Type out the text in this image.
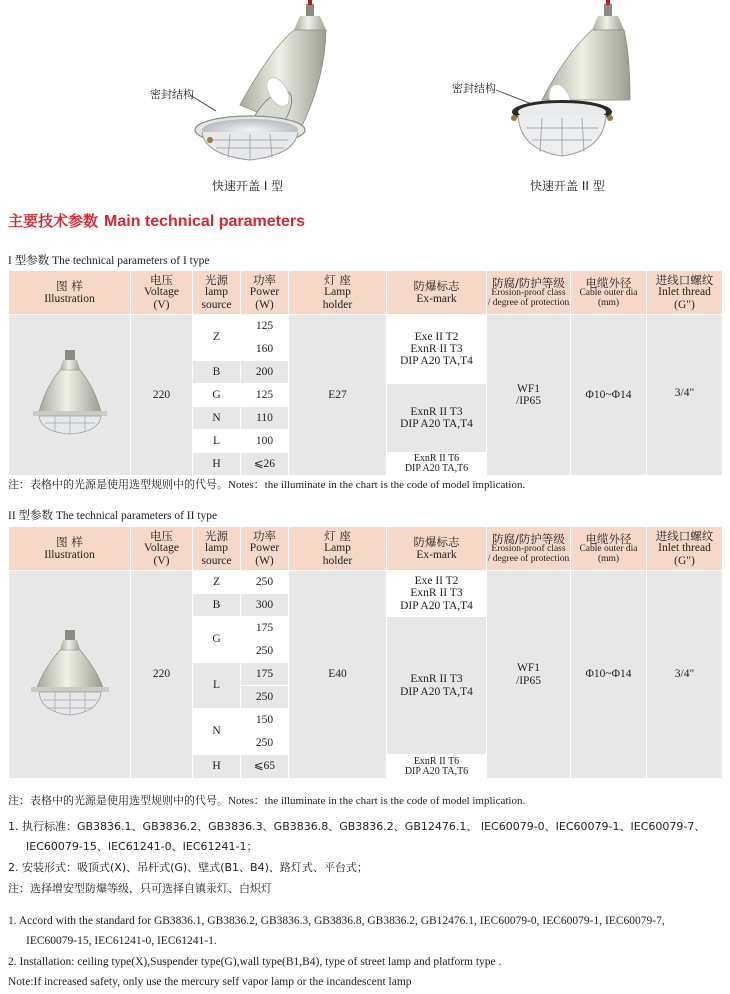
密封结构
快速开盖 I 型
密封结构
快速开盖 II 型
主要技术参数 Main technical parameters
I 型参数 The technical parameters of I type
图 样
Illustration	电压
Voltage
(V)	光源
lamp
source	功率
Power
(W)	灯 座
Lamp
holder	防爆标志
Ex-mark	防腐/防护等级
Erosion-proof class
/ degree of protection	电缆外径
Cable outer dia
(mm)	进线口螺纹
Inlet thread
(G")

	220	Z	125	E27	Exe II T2
ExnR II T3
DIP A20 TA,T4	WF1
/IP65	Φ10~Φ14	3/4"
			160					
		B	200					
		G	125		ExnR II T3
DIP A20 TA,T4			
		N	110					
		L	100					
		H	⩽26		ExnR II T6
DIP A20 TA,T6			

注：表格中的光源是使用选型规则中的代号。Notes：the illuminate in the chart is the code of model implication.
II 型参数 The technical parameters of II type
图 样
Illustration	电压
Voltage
(V)	光源
lamp
source	功率
Power
(W)	灯 座
Lamp
holder	防爆标志
Ex-mark	防腐/防护等级
Erosion-proof class
/ degree of protection	电缆外径
Cable outer dia
(mm)	进线口螺纹
Inlet thread
(G")

	220	Z	250	E40	Exe II T2
ExnR II T3
DIP A20 TA,T4	WF1
/IP65	Φ10~Φ14	3/4"
		B	300					
		G	175		ExnR II T3
DIP A20 TA,T4			
			250					
		L	175					
			250					
		N	150					
			250					
		H	⩽65		ExnR II T6
DIP A20 TA,T6			
注：表格中的光源是使用选型规则中的代号。Notes：the illuminate in the chart is the code of model implication.
1. 执行标准：GB3836.1、GB3836.2、GB3836.3、GB3836.8、GB3836.2、GB12476.1、 IEC60079-0、IEC60079-1、IEC60079-7、
IEC60079-15、IEC61241-0、IEC61241-1；
2. 安装形式：吸顶式(X)、吊杆式(G)、壁式(B1、B4)、路灯式、平台式；
注：选择增安型防爆等级，只可选择自镇汞灯、白炽灯
1. Accord with the standard for GB3836.1, GB3836.2, GB3836.3, GB3836.8, GB3836.2, GB12476.1, IEC60079-0, IEC60079-1, IEC60079-7,
IEC60079-15, IEC61241-0, IEC61241-1.
2. Installation: ceiling type(X),Suspender type(G),wall type(B1,B4), type of street lamp and platform type .
Note:If increased safety, only use the mercury self vapor lamp or the incandescent lamp
